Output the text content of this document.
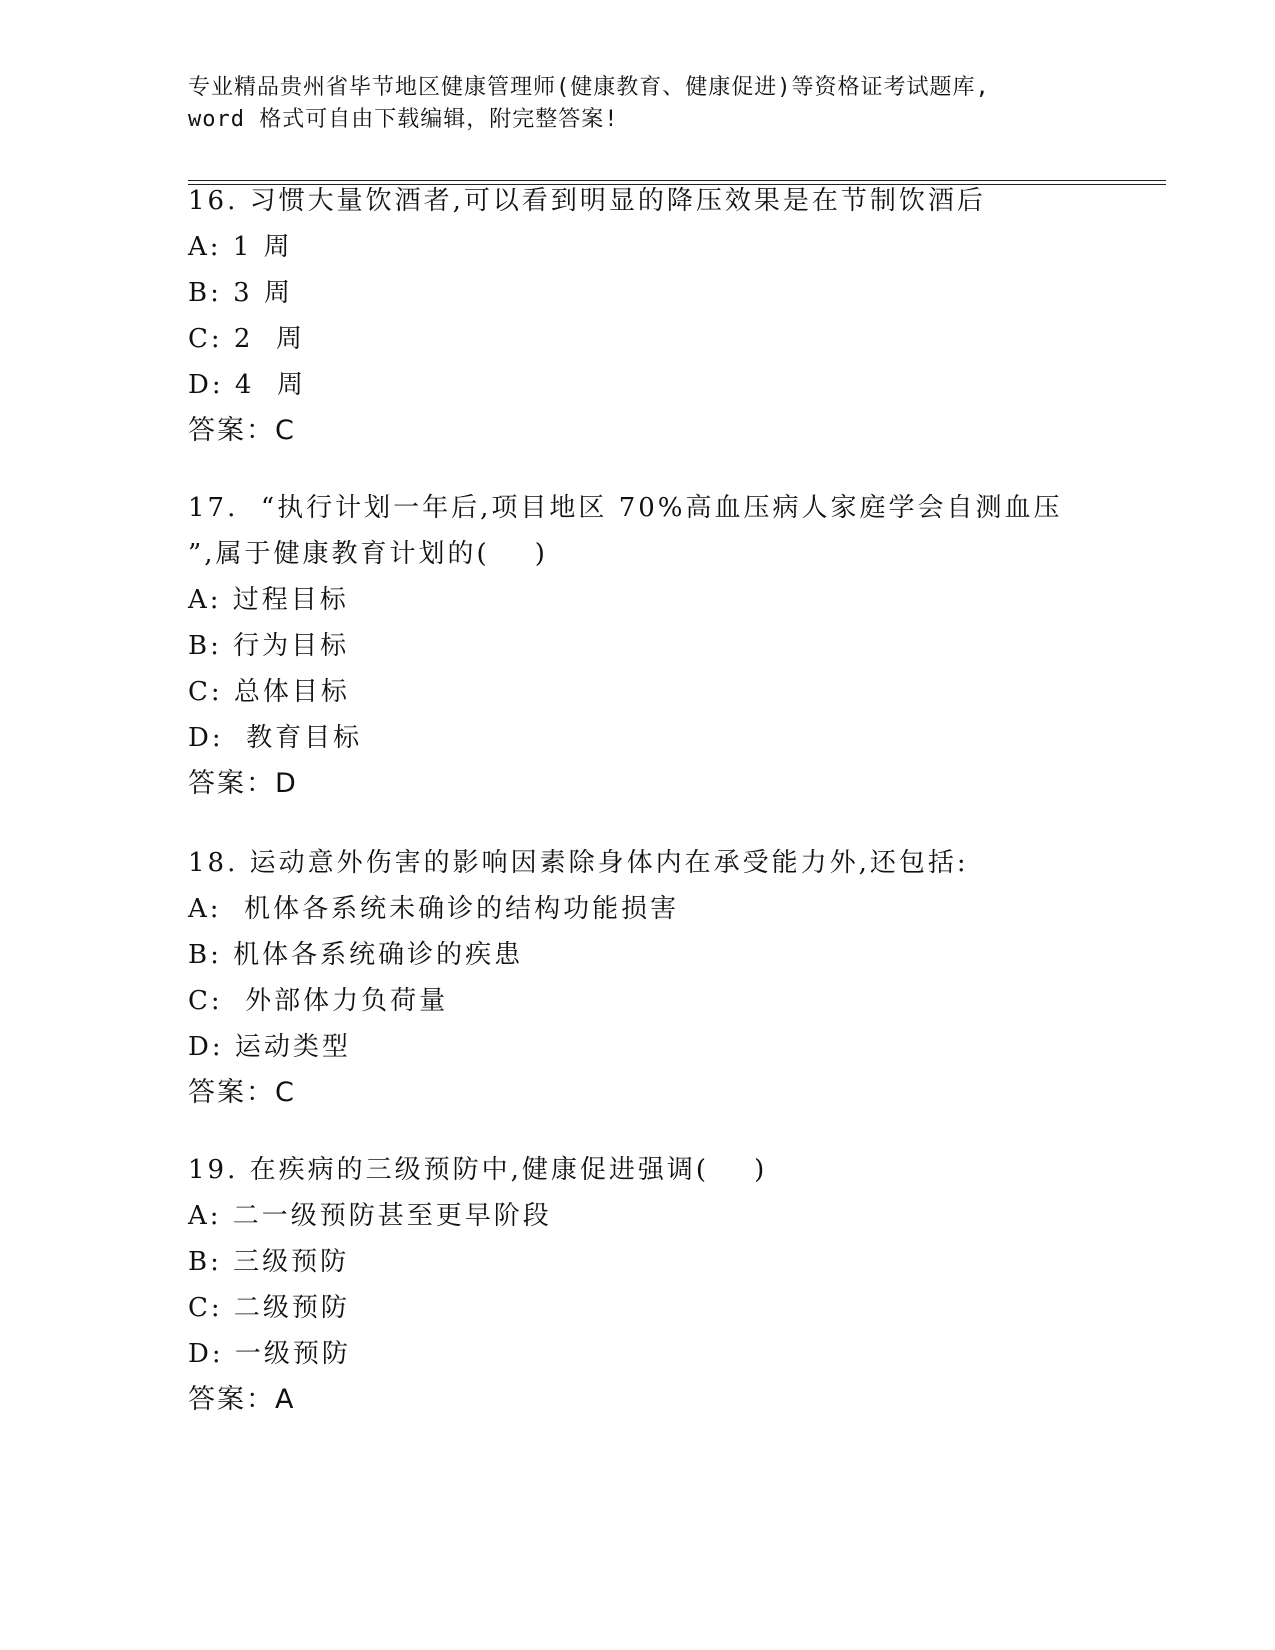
专业精品贵州省毕节地区健康管理师(健康教育、健康促进)等资格证考试题库,
word 格式可自由下载编辑，附完整答案!
16. 习惯大量饮酒者,可以看到明显的降压效果是在节制饮酒后
A: 1 周
B: 3 周
C: 2  周
D: 4  周
答案：C
17.  “执行计划一年后,项目地区 70%高血压病人家庭学会自测血压
”,属于健康教育计划的(    )
A: 过程目标
B: 行为目标
C: 总体目标
D:  教育目标
答案：D
18. 运动意外伤害的影响因素除身体内在承受能力外,还包括:
A:  机体各系统未确诊的结构功能损害
B: 机体各系统确诊的疾患
C:  外部体力负荷量
D: 运动类型
答案：C
19. 在疾病的三级预防中,健康促进强调(    )
A: 二一级预防甚至更早阶段
B: 三级预防
C: 二级预防
D: 一级预防
答案：A
